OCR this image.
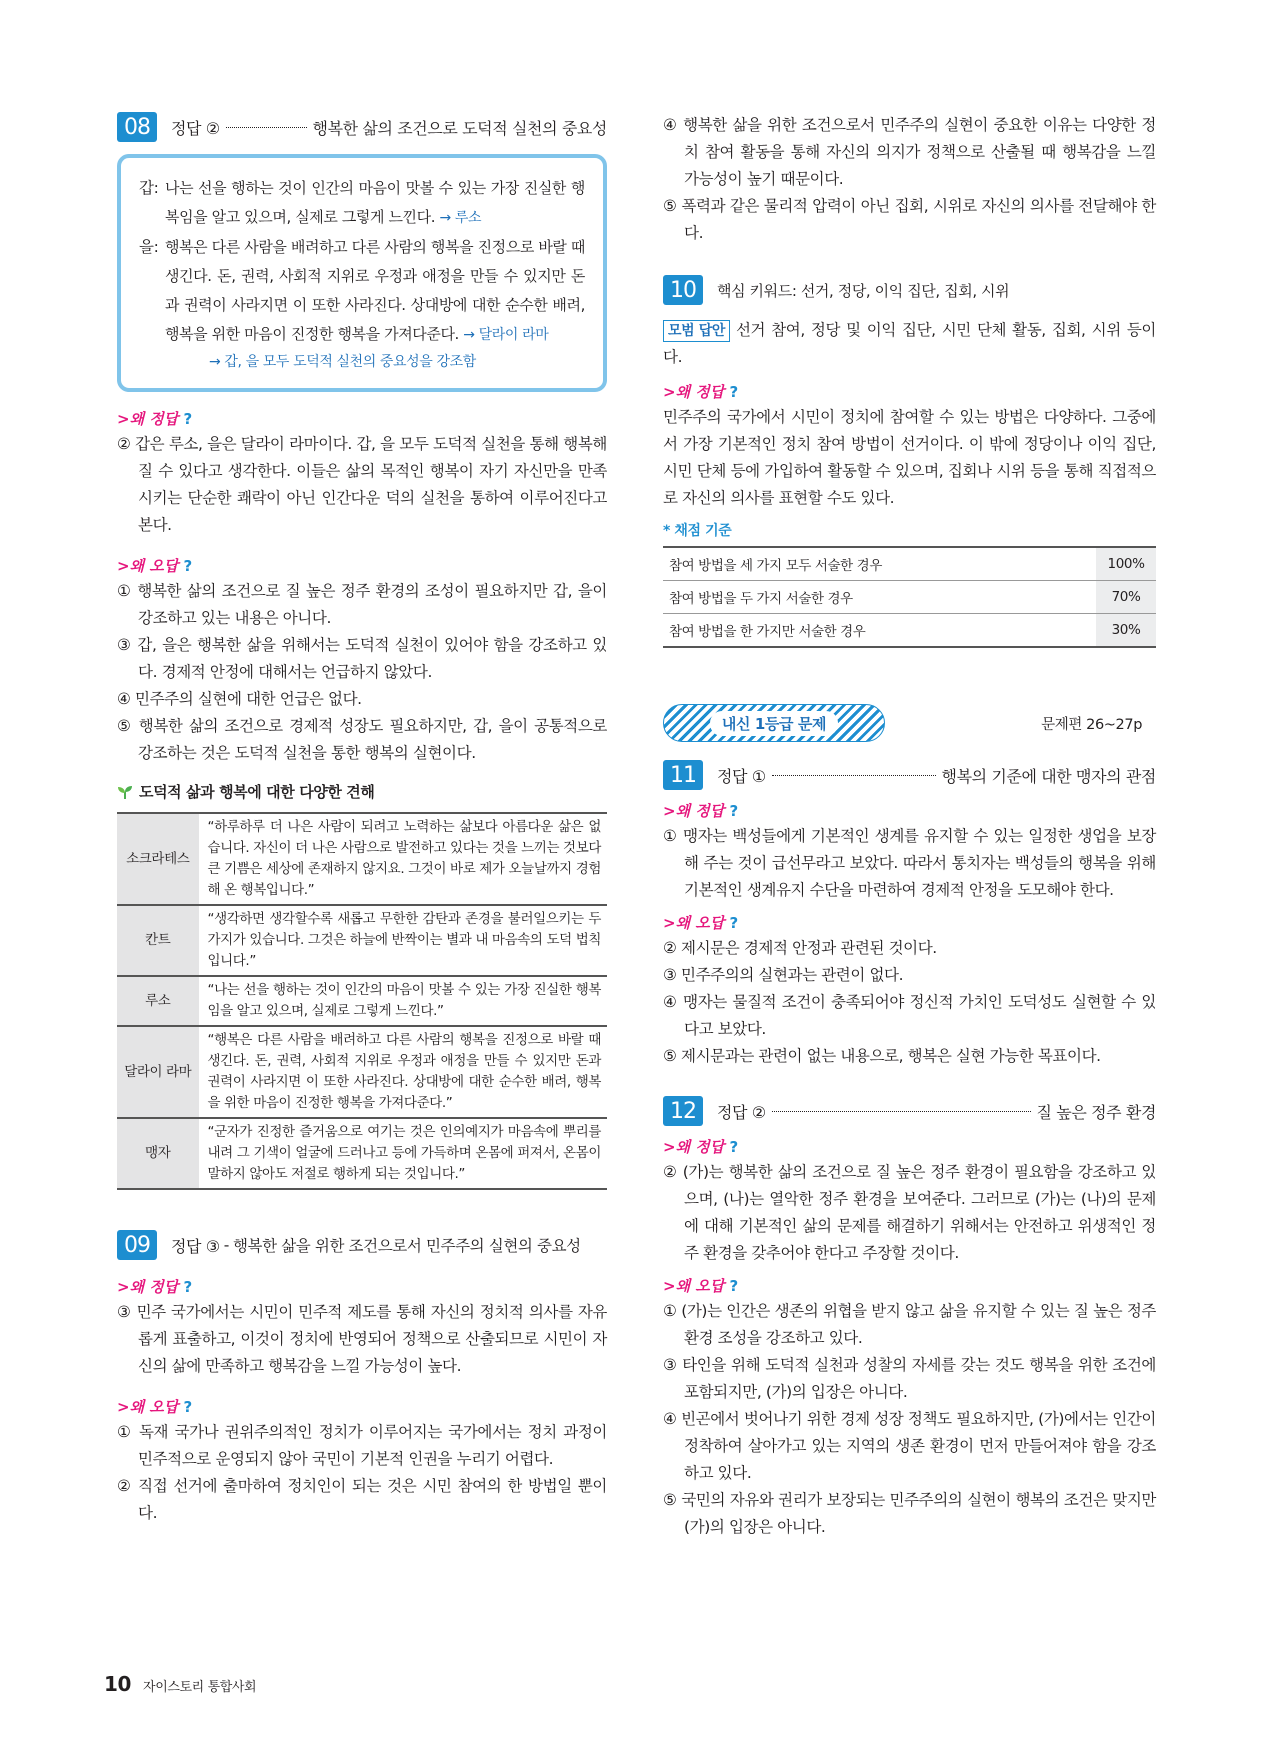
08	정답 ②	행복한 삶의 조건으로 도덕적 실천의 중요성
갑: 나는 선을 행하는 것이 인간의 마음이 맛볼 수 있는 가장 진실한 행복임을 알고 있으며, 실제로 그렇게 느낀다. → 루소
을: 행복은 다른 사람을 배려하고 다른 사람의 행복을 진정으로 바랄 때 생긴다. 돈, 권력, 사회적 지위로 우정과 애정을 만들 수 있지만 돈과 권력이 사라지면 이 또한 사라진다. 상대방에 대한 순수한 배려, 행복을 위한 마음이 진정한 행복을 가져다준다. → 달라이 라마
→ 갑, 을 모두 도덕적 실천의 중요성을 강조함
>왜 정답 ?
② 갑은 루소, 을은 달라이 라마이다. 갑, 을 모두 도덕적 실천을 통해 행복해질 수 있다고 생각한다. 이들은 삶의 목적인 행복이 자기 자신만을 만족시키는 단순한 쾌락이 아닌 인간다운 덕의 실천을 통하여 이루어진다고 본다.
>왜 오답 ?
① 행복한 삶의 조건으로 질 높은 정주 환경의 조성이 필요하지만 갑, 을이 강조하고 있는 내용은 아니다.
③ 갑, 을은 행복한 삶을 위해서는 도덕적 실천이 있어야 함을 강조하고 있다. 경제적 안정에 대해서는 언급하지 않았다.
④ 민주주의 실현에 대한 언급은 없다.
⑤ 행복한 삶의 조건으로 경제적 성장도 필요하지만, 갑, 을이 공통적으로 강조하는 것은 도덕적 실천을 통한 행복의 실현이다.
도덕적 삶과 행복에 대한 다양한 견해
소크라테스	“하루하루 더 나은 사람이 되려고 노력하는 삶보다 아름다운 삶은 없습니다. 자신이 더 나은 사람으로 발전하고 있다는 것을 느끼는 것보다 큰 기쁨은 세상에 존재하지 않지요. 그것이 바로 제가 오늘날까지 경험해 온 행복입니다.”
칸트	“생각하면 생각할수록 새롭고 무한한 감탄과 존경을 불러일으키는 두 가지가 있습니다. 그것은 하늘에 반짝이는 별과 내 마음속의 도덕 법칙입니다.”
루소	“나는 선을 행하는 것이 인간의 마음이 맛볼 수 있는 가장 진실한 행복임을 알고 있으며, 실제로 그렇게 느낀다.”
달라이 라마	“행복은 다른 사람을 배려하고 다른 사람의 행복을 진정으로 바랄 때 생긴다. 돈, 권력, 사회적 지위로 우정과 애정을 만들 수 있지만 돈과 권력이 사라지면 이 또한 사라진다. 상대방에 대한 순수한 배려, 행복을 위한 마음이 진정한 행복을 가져다준다.”
맹자	“군자가 진정한 즐거움으로 여기는 것은 인의예지가 마음속에 뿌리를 내려 그 기색이 얼굴에 드러나고 등에 가득하며 온몸에 퍼져서, 온몸이 말하지 않아도 저절로 행하게 되는 것입니다.”
09	정답 ③ - 행복한 삶을 위한 조건으로서 민주주의 실현의 중요성
>왜 정답 ?
③ 민주 국가에서는 시민이 민주적 제도를 통해 자신의 정치적 의사를 자유롭게 표출하고, 이것이 정치에 반영되어 정책으로 산출되므로 시민이 자신의 삶에 만족하고 행복감을 느낄 가능성이 높다.
>왜 오답 ?
① 독재 국가나 권위주의적인 정치가 이루어지는 국가에서는 정치 과정이 민주적으로 운영되지 않아 국민이 기본적 인권을 누리기 어렵다.
② 직접 선거에 출마하여 정치인이 되는 것은 시민 참여의 한 방법일 뿐이다.
④ 행복한 삶을 위한 조건으로서 민주주의 실현이 중요한 이유는 다양한 정치 참여 활동을 통해 자신의 의지가 정책으로 산출될 때 행복감을 느낄 가능성이 높기 때문이다.
⑤ 폭력과 같은 물리적 압력이 아닌 집회, 시위로 자신의 의사를 전달해야 한다.
10	핵심 키워드: 선거, 정당, 이익 집단, 집회, 시위
모범 답안 선거 참여, 정당 및 이익 집단, 시민 단체 활동, 집회, 시위 등이다.
>왜 정답 ?
민주주의 국가에서 시민이 정치에 참여할 수 있는 방법은 다양하다. 그중에서 가장 기본적인 정치 참여 방법이 선거이다. 이 밖에 정당이나 이익 집단, 시민 단체 등에 가입하여 활동할 수 있으며, 집회나 시위 등을 통해 직접적으로 자신의 의사를 표현할 수도 있다.
* 채점 기준
참여 방법을 세 가지 모두 서술한 경우	100%
참여 방법을 두 가지 서술한 경우	70%
참여 방법을 한 가지만 서술한 경우	30%
내신 1등급 문제	문제편 26~27p
11	정답 ①	행복의 기준에 대한 맹자의 관점
>왜 정답 ?
① 맹자는 백성들에게 기본적인 생계를 유지할 수 있는 일정한 생업을 보장해 주는 것이 급선무라고 보았다. 따라서 통치자는 백성들의 행복을 위해 기본적인 생계유지 수단을 마련하여 경제적 안정을 도모해야 한다.
>왜 오답 ?
② 제시문은 경제적 안정과 관련된 것이다.
③ 민주주의의 실현과는 관련이 없다.
④ 맹자는 물질적 조건이 충족되어야 정신적 가치인 도덕성도 실현할 수 있다고 보았다.
⑤ 제시문과는 관련이 없는 내용으로, 행복은 실현 가능한 목표이다.
12	정답 ②	질 높은 정주 환경
>왜 정답 ?
② (가)는 행복한 삶의 조건으로 질 높은 정주 환경이 필요함을 강조하고 있으며, (나)는 열악한 정주 환경을 보여준다. 그러므로 (가)는 (나)의 문제에 대해 기본적인 삶의 문제를 해결하기 위해서는 안전하고 위생적인 정주 환경을 갖추어야 한다고 주장할 것이다.
>왜 오답 ?
① (가)는 인간은 생존의 위협을 받지 않고 삶을 유지할 수 있는 질 높은 정주 환경 조성을 강조하고 있다.
③ 타인을 위해 도덕적 실천과 성찰의 자세를 갖는 것도 행복을 위한 조건에 포함되지만, (가)의 입장은 아니다.
④ 빈곤에서 벗어나기 위한 경제 성장 정책도 필요하지만, (가)에서는 인간이 정착하여 살아가고 있는 지역의 생존 환경이 먼저 만들어져야 함을 강조하고 있다.
⑤ 국민의 자유와 권리가 보장되는 민주주의의 실현이 행복의 조건은 맞지만 (가)의 입장은 아니다.
10 자이스토리 통합사회
